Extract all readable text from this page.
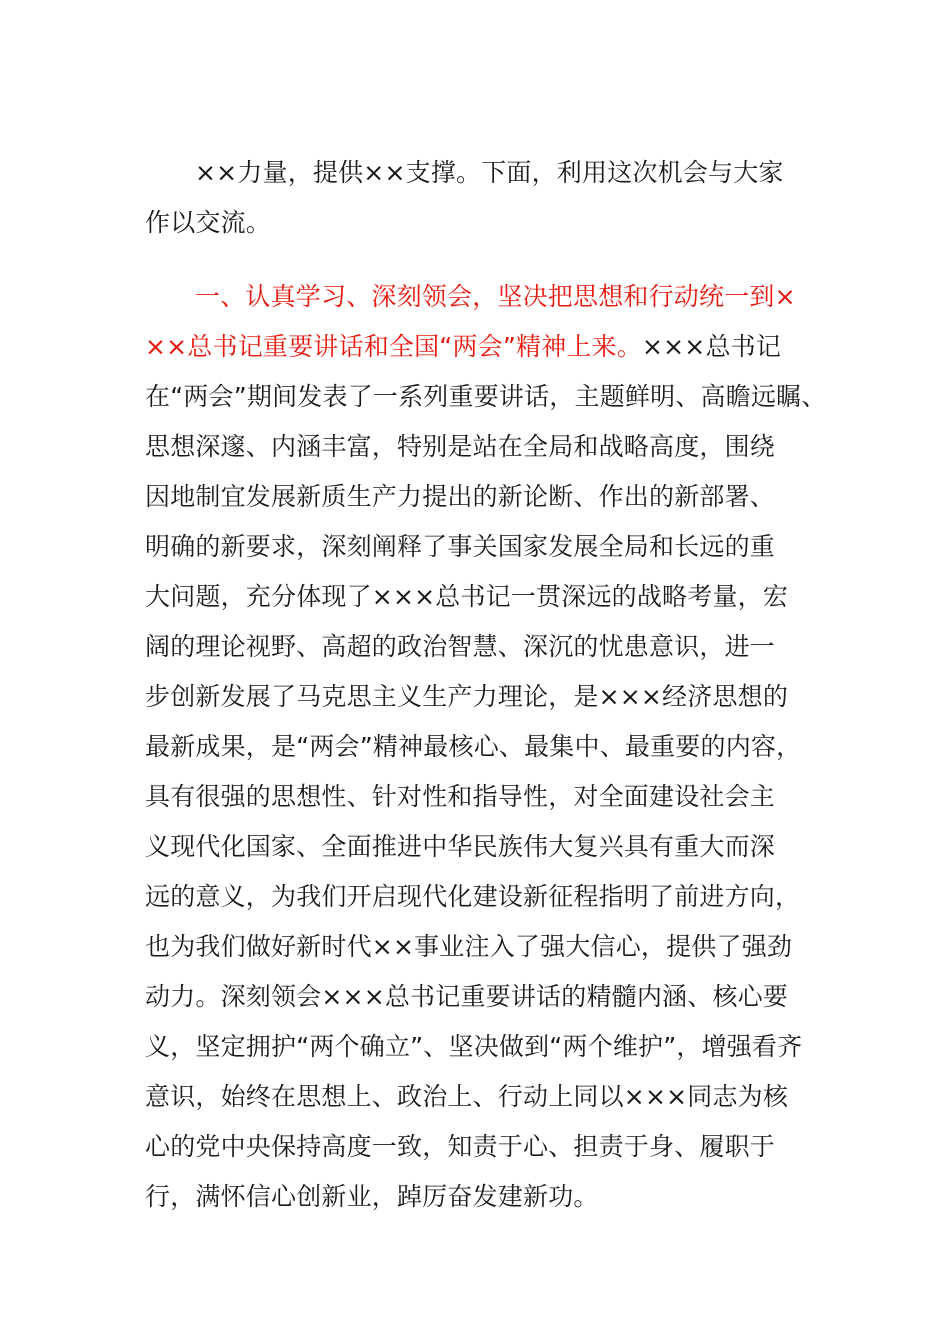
××力量，提供××支撑。下面，利用这次机会与大家
作以交流。
一、认真学习、深刻领会，坚决把思想和行动统一到×
××总书记重要讲话和全国“两会”精神上来。×××总书记
在“两会”期间发表了一系列重要讲话，主题鲜明、高瞻远瞩、
思想深邃、内涵丰富，特别是站在全局和战略高度，围绕
因地制宜发展新质生产力提出的新论断、作出的新部署、
明确的新要求，深刻阐释了事关国家发展全局和长远的重
大问题，充分体现了×××总书记一贯深远的战略考量，宏
阔的理论视野、高超的政治智慧、深沉的忧患意识，进一
步创新发展了马克思主义生产力理论，是×××经济思想的
最新成果，是“两会”精神最核心、最集中、最重要的内容，
具有很强的思想性、针对性和指导性，对全面建设社会主
义现代化国家、全面推进中华民族伟大复兴具有重大而深
远的意义，为我们开启现代化建设新征程指明了前进方向，
也为我们做好新时代××事业注入了强大信心，提供了强劲
动力。深刻领会×××总书记重要讲话的精髓内涵、核心要
义，坚定拥护“两个确立”、坚决做到“两个维护”，增强看齐
意识，始终在思想上、政治上、行动上同以×××同志为核
心的党中央保持高度一致，知责于心、担责于身、履职于
行，满怀信心创新业，踔厉奋发建新功。
